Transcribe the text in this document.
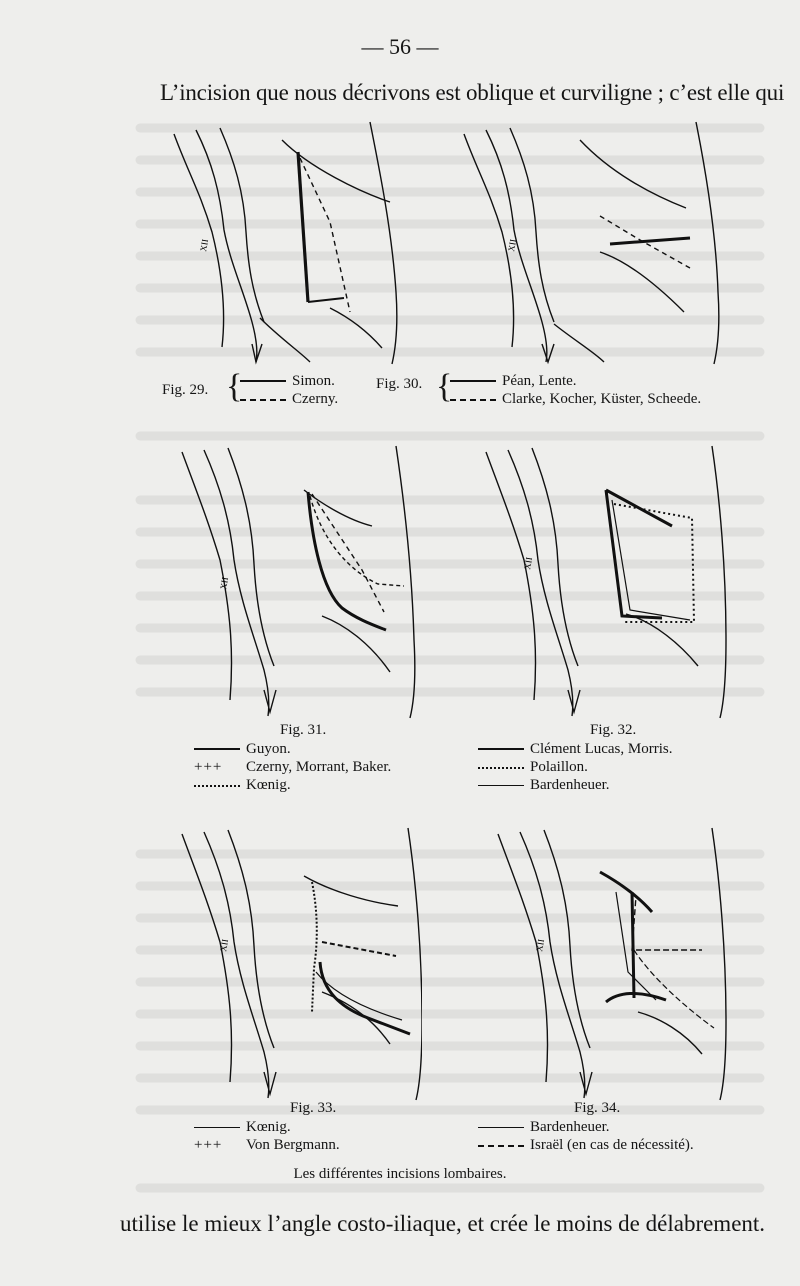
— 56 —
L’incision que nous décrivons est oblique et curviligne ; c’est elle qui
XII	XII
Fig. 29. {	Simon.
Czerny.
Fig. 30. {	Péan, Lente.
Clarke, Kocher, Küster, Scheede.
XII
XII
Fig. 31.
Guyon.
+++ Czerny, Morrant, Baker.
Kœnig.
Fig. 32.
Clément Lucas, Morris.
Polaillon.
Bardenheuer.
XII	XII
Fig. 33.
Kœnig.
+++ Von Bergmann.
Fig. 34.
Bardenheuer.
Israël (en cas de nécessité).
Les différentes incisions lombaires.
utilise le mieux l’angle costo-iliaque, et crée le moins de délabrement.
